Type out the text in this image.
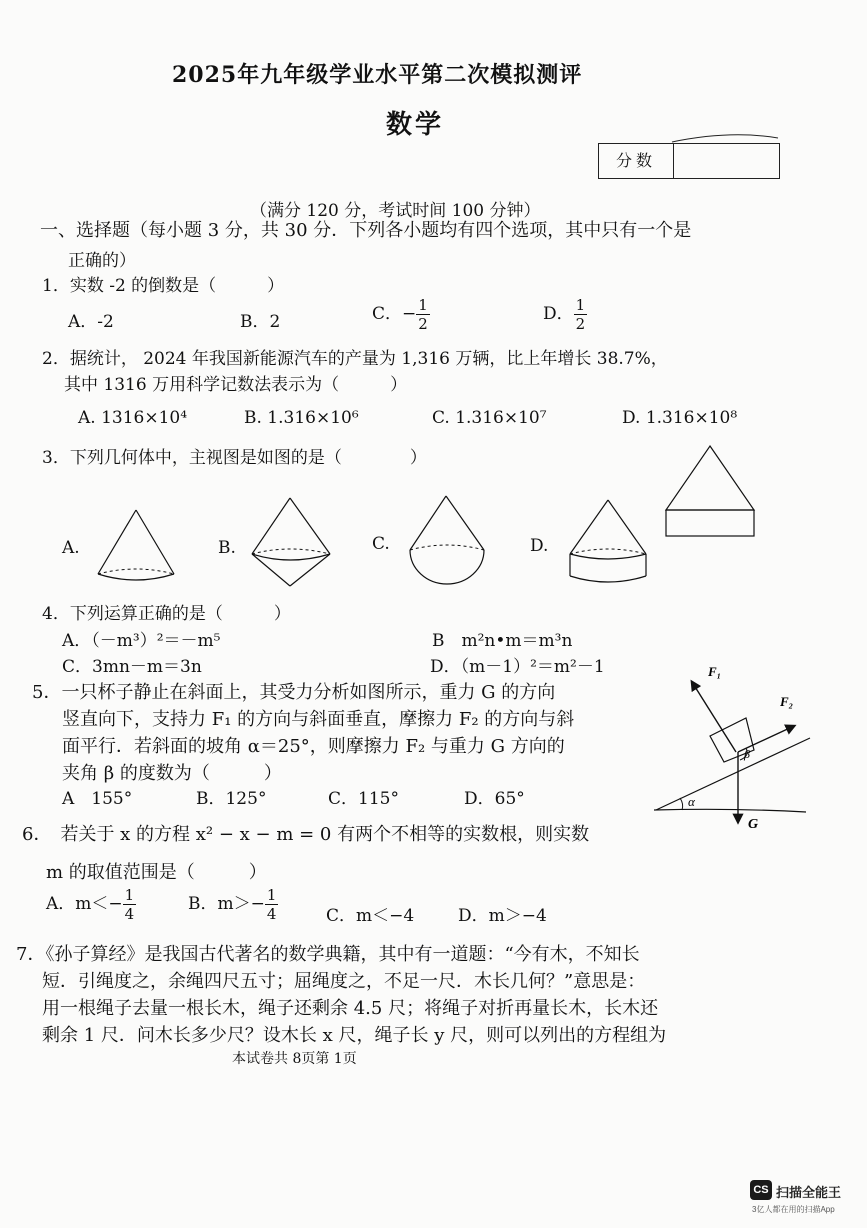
2025年九年级学业水平第二次模拟测评
数学
分数
（满分 120 分，考试时间 100 分钟）
一、选择题（每小题 3 分，共 30 分．下列各小题均有四个选项，其中只有一个是
正确的）
1．实数 -2 的倒数是（　　　）
A．-2	B．2	C．− $\frac{1}{2}$	D． $\frac{1}{2}$
2．据统计， 2024 年我国新能源汽车的产量为 1,316 万辆，比上年增长 38.7%，
其中 1316 万用科学记数法表示为（　　　）
A. 1316×10⁴	B. 1.316×10⁶	C. 1.316×10⁷	D. 1.316×10⁸
3．下列几何体中，主视图是如图的是（　　　　）
A.	B.	C.	D.
4．下列运算正确的是（　　　）
A．（－m³）²＝－m⁵	B　m²n•m＝m³n
C．3mn－m＝3n	D．（m－1）²＝m²－1
5．一只杯子静止在斜面上，其受力分析如图所示，重力 G 的方向
竖直向下，支持力 F₁ 的方向与斜面垂直，摩擦力 F₂ 的方向与斜
面平行．若斜面的坡角 α＝25°，则摩擦力 F₂ 与重力 G 方向的
夹角 β 的度数为（　　　）
A　155°	B．125°	C．115°	D．65°
F₁
F₂
G
α
β
6．　若关于 x 的方程 x² − x − m = 0 有两个不相等的实数根，则实数
m 的取值范围是（　　　）
A．$m<- \frac{1}{4}$	B．$m>- \frac{1}{4}$	C．m＜−4	D．m＞−4
7．《孙子算经》是我国古代著名的数学典籍，其中有一道题：“今有木，不知长
短．引绳度之，余绳四尺五寸；屈绳度之，不足一尺．木长几何？”意思是：
用一根绳子去量一根长木，绳子还剩余 4.5 尺；将绳子对折再量长木，长木还
剩余 1 尺．问木长多少尺？设木长 x 尺，绳子长 y 尺，则可以列出的方程组为
本试卷共 8页第 1页
CS 扫描全能王
3亿人都在用的扫描App
